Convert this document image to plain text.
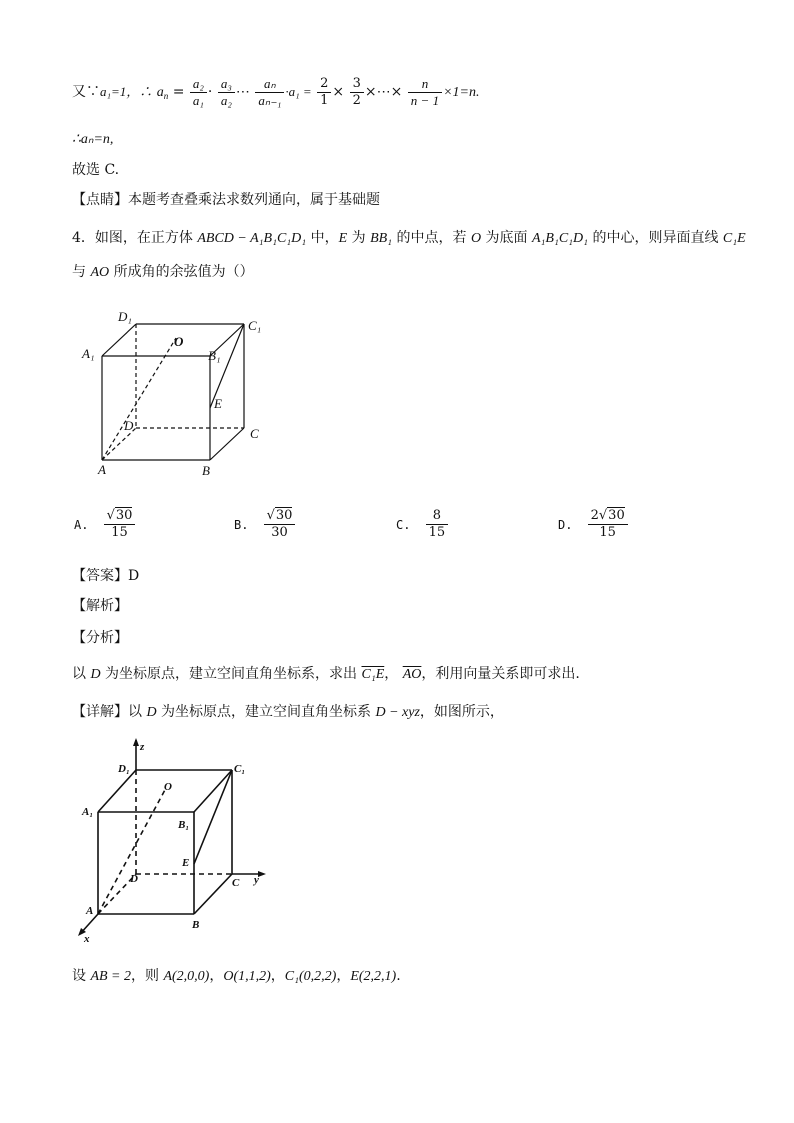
又∵a₁=1，∴ $a_n = \frac{\text{a₂}}{\text{a₁}} \cdot \frac{\text{a₃}}{\text{a₂}}$ ⋯ $\frac{\text{aₙ}}{\text{aₙ₋₁}} \cdot a_1 = \frac{2}{1} \times \frac{3}{2}$ ×⋯× $\frac{n}{n - 1} \times 1=n$.
∴aₙ=n,
故选 C.
【点睛】本题考查叠乘法求数列通向，属于基础题
4．如图，在正方体 ABCD − A₁B₁C₁D₁ 中，E 为 BB₁ 的中点，若 O 为底面 A₁B₁C₁D₁ 的中心，则异面直线 C₁E
与 AO 所成角的余弦值为（）
D₁
C₁
A₁	B₁
O
E
D
C
A	B
A. $\frac{√30}{15}$	B. $\frac{√30}{30}$	C. $\frac{8}{15}$	D. $\frac{2√30}{15}$
【答案】D
【解析】
【分析】
以 D 为坐标原点，建立空间直角坐标系，求出 C₁E， $\overline{AO}$，利用向量关系即可求出.
【详解】以 D 为坐标原点，建立空间直角坐标系 D − xyz，如图所示，
z
D₁	C₁
A₁
B₁
O
E
D	C y
A
B
x
设 AB = 2，则 A(2,0,0)，O(1,1,2)，C₁(0,2,2)，E(2,2,1).
